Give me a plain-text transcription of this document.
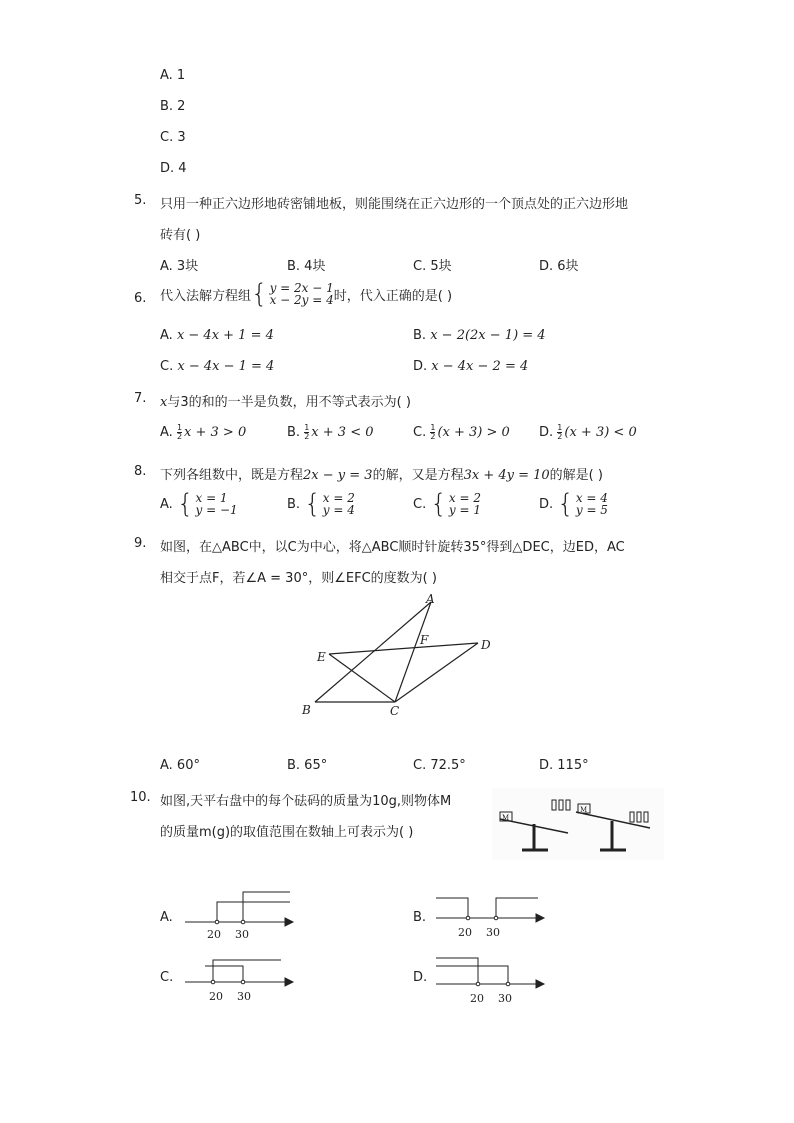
A. 1
B. 2
C. 3
D. 4
5. 只用一种正六边形地砖密铺地板，则能围绕在正六边形的一个顶点处的正六边形地
砖有( )
A. 3块	B. 4块	C. 5块	D. 6块
6. 代入法解方程组 { y = 2x − 1
x − 2y = 4 时，代入正确的是( )
A. x − 4x + 1 = 4	B. x − 2(2x − 1) = 4
C. x − 4x − 1 = 4	D. x − 4x − 2 = 4
7. x与3的和的一半是负数，用不等式表示为( )
A.
$\frac{1}{2}$ x + 3 > 0	B.
$\frac{1}{2}$ x + 3 < 0	C.
$\frac{1}{2} (x + 3) > 0$ D.
$\frac{1}{2} (x + 3) < 0$
8. 下列各组数中，既是方程2x − y = 3的解，又是方程3x + 4y = 10的解是( )
A.
{ x = 1
y = −1	B.
{ x = 2
y = 4	C.
{ x = 2
y = 1	D.
{ x = 4
y = 5
9. 如图，在△ABC中，以C为中心，将△ABC顺时针旋转35°得到△DEC，边ED，AC
相交于点F，若∠A = 30°，则∠EFC的度数为( )
A
B	C
D
E
F
A. 60°	B. 65°	C. 72.5°	D. 115°
10. 如图,天平右盘中的每个砝码的质量为10g,则物体M
的质量m(g)的取值范围在数轴上可表示为( )
M
M
A.
20 30
B.
20 30
C.
20 30
D.
20 30
